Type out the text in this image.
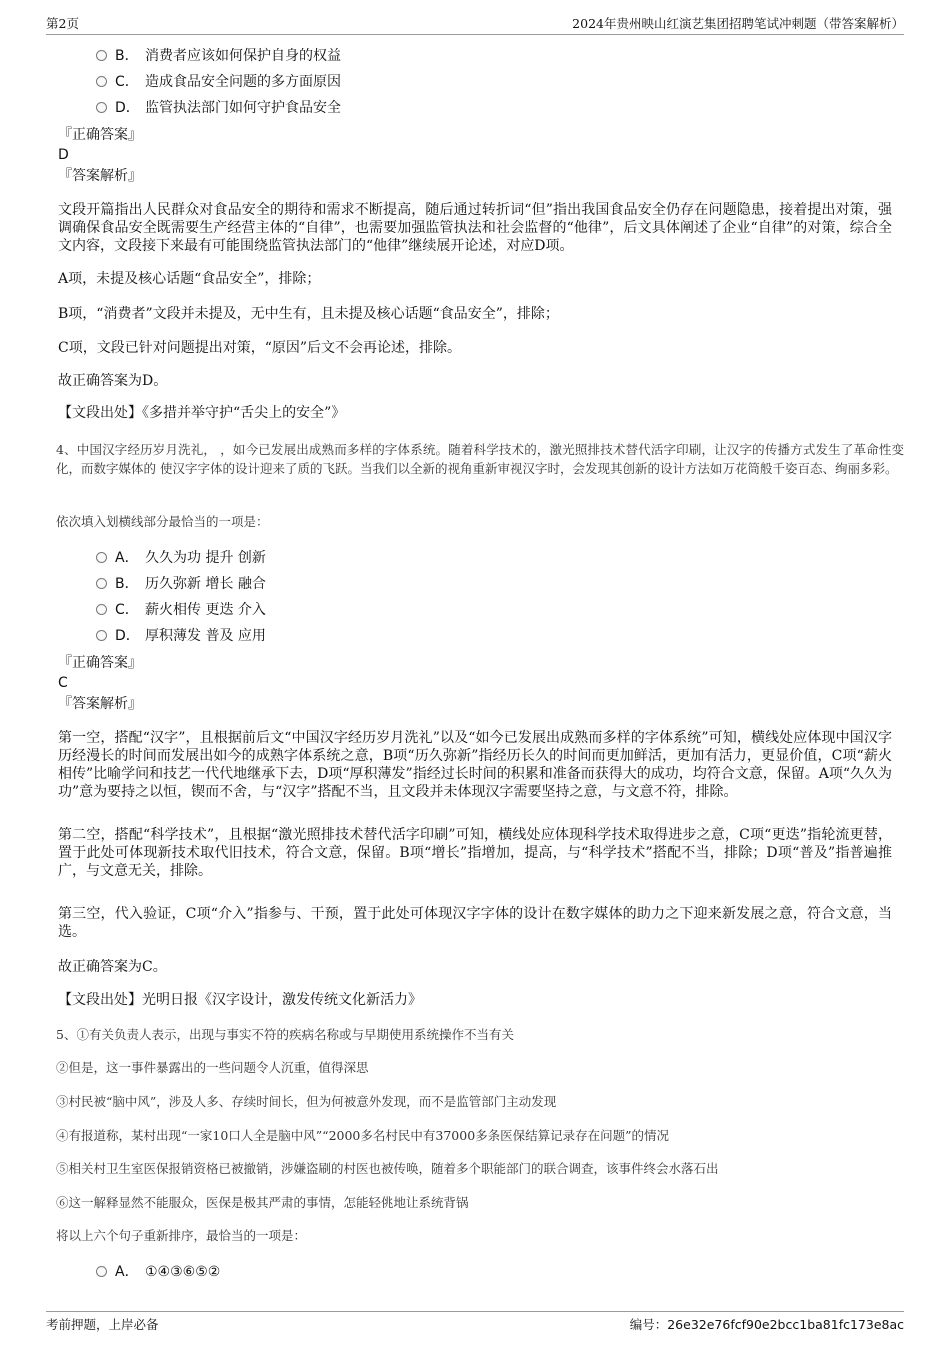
第2页	2024年贵州映山红演艺集团招聘笔试冲刺题（带答案解析）
B． 消费者应该如何保护自身的权益
C． 造成食品安全问题的多方面原因
D． 监管执法部门如何守护食品安全
『正确答案』
D
『答案解析』
文段开篇指出人民群众对食品安全的期待和需求不断提高，随后通过转折词“但”指出我国食品安全仍存在问题隐患，接着提出对策，强调确保食品安全既需要生产经营主体的“自律”，也需要加强监管执法和社会监督的“他律”，后文具体阐述了企业“自律”的对策，综合全文内容，文段接下来最有可能围绕监管执法部门的“他律”继续展开论述，对应D项。
A项，未提及核心话题“食品安全”，排除；
B项，“消费者”文段并未提及，无中生有，且未提及核心话题“食品安全”，排除；
C项，文段已针对问题提出对策，“原因”后文不会再论述，排除。
故正确答案为D。
【文段出处】《多措并举守护“舌尖上的安全”》
4、中国汉字经历岁月洗礼， ，如今已发展出成熟而多样的字体系统。随着科学技术的，激光照排技术替代活字印刷，让汉字的传播方式发生了革命性变化，而数字媒体的 使汉字字体的设计迎来了质的飞跃。当我们以全新的视角重新审视汉字时，会发现其创新的设计方法如万花筒般千姿百态、绚丽多彩。
依次填入划横线部分最恰当的一项是：
A． 久久为功 提升 创新
B． 历久弥新 增长 融合
C． 薪火相传 更迭 介入
D． 厚积薄发 普及 应用
『正确答案』
C
『答案解析』
第一空，搭配“汉字”，且根据前后文“中国汉字经历岁月洗礼”以及“如今已发展出成熟而多样的字体系统”可知，横线处应体现中国汉字历经漫长的时间而发展出如今的成熟字体系统之意，B项“历久弥新”指经历长久的时间而更加鲜活，更加有活力，更显价值，C项“薪火相传”比喻学问和技艺一代代地继承下去，D项“厚积薄发”指经过长时间的积累和准备而获得大的成功，均符合文意，保留。A项“久久为功”意为要持之以恒，锲而不舍，与“汉字”搭配不当，且文段并未体现汉字需要坚持之意，与文意不符，排除。
第二空，搭配“科学技术”，且根据“激光照排技术替代活字印刷”可知，横线处应体现科学技术取得进步之意，C项“更迭”指轮流更替，置于此处可体现新技术取代旧技术，符合文意，保留。B项“增长”指增加，提高，与“科学技术”搭配不当，排除；D项“普及”指普遍推广，与文意无关，排除。
第三空，代入验证，C项“介入”指参与、干预，置于此处可体现汉字字体的设计在数字媒体的助力之下迎来新发展之意，符合文意，当选。
故正确答案为C。
【文段出处】光明日报《汉字设计，激发传统文化新活力》
5、①有关负责人表示，出现与事实不符的疾病名称或与早期使用系统操作不当有关
②但是，这一事件暴露出的一些问题令人沉重，值得深思
③村民被“脑中风”，涉及人多、存续时间长，但为何被意外发现，而不是监管部门主动发现
④有报道称，某村出现“一家10口人全是脑中风”“2000多名村民中有37000多条医保结算记录存在问题”的情况
⑤相关村卫生室医保报销资格已被撤销，涉嫌盗刷的村医也被传唤，随着多个职能部门的联合调查，该事件终会水落石出
⑥这一解释显然不能服众，医保是极其严肃的事情，怎能轻佻地让系统背锅
将以上六个句子重新排序，最恰当的一项是：
A． ①④③⑥⑤②
考前押题，上岸必备	编号：26e32e76fcf90e2bcc1ba81fc173e8ac
